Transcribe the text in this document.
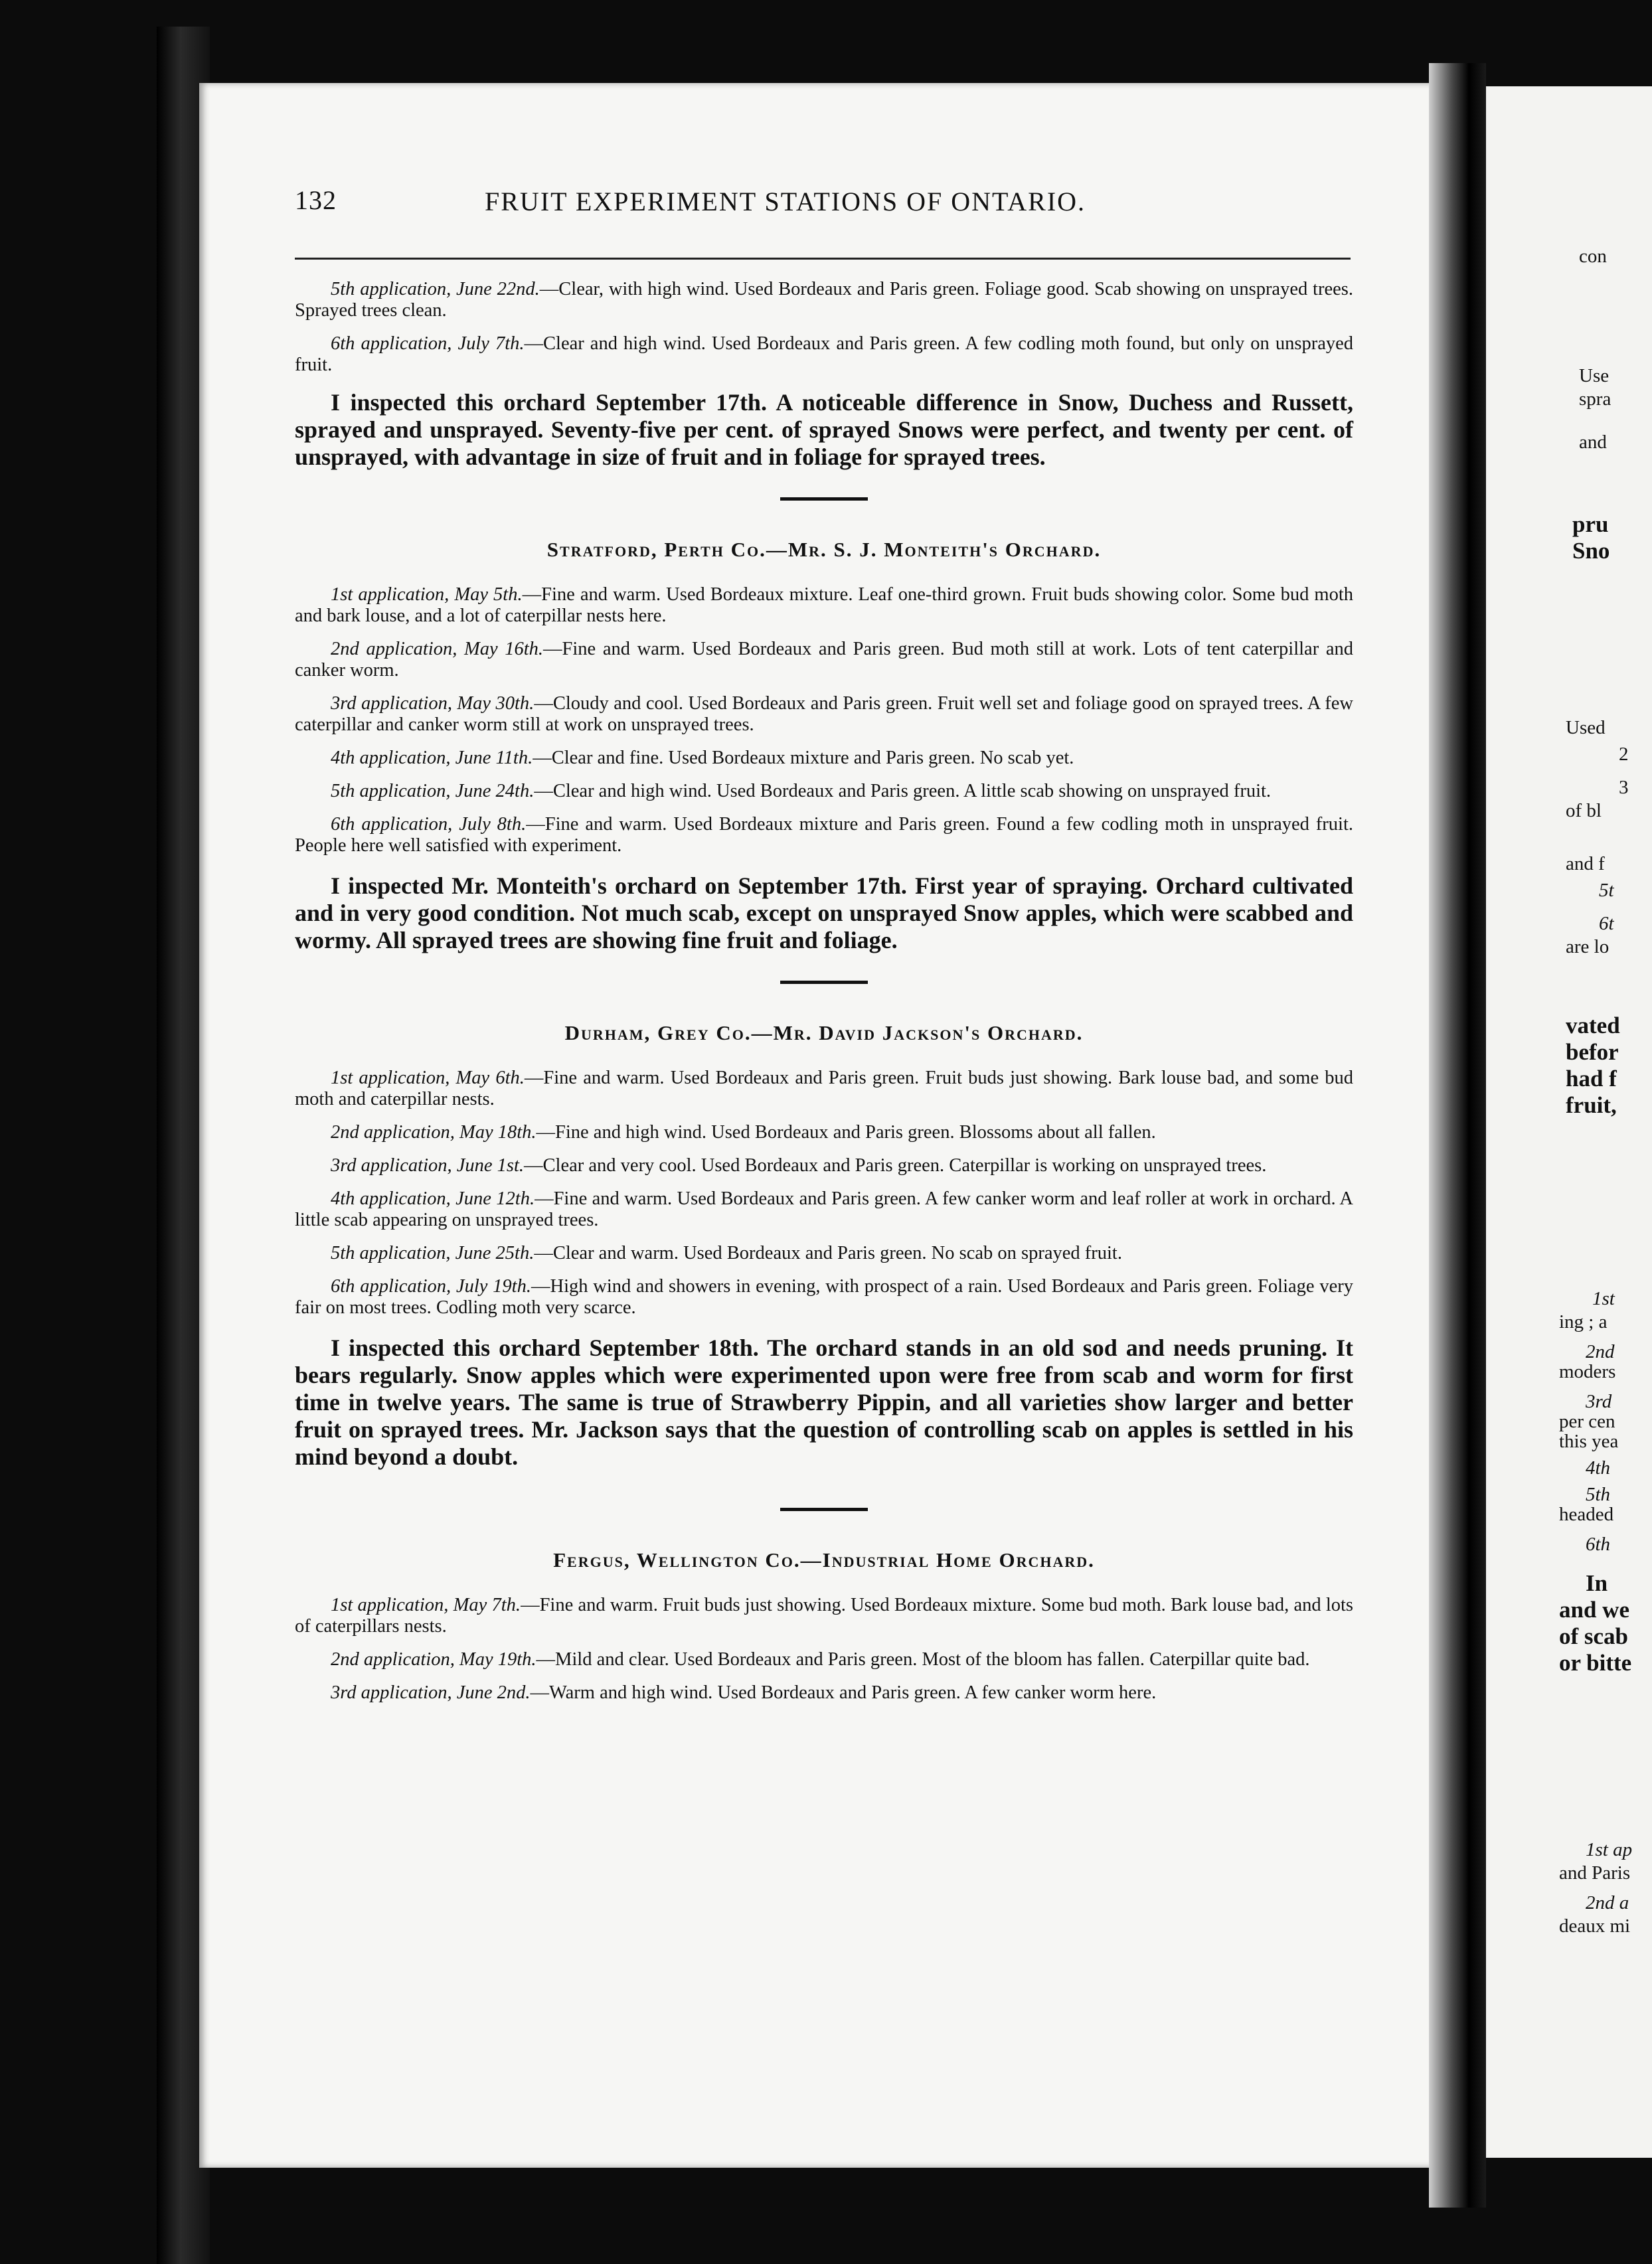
132	FRUIT EXPERIMENT STATIONS OF ONTARIO.

5th application, June 22nd.—Clear, with high wind. Used Bordeaux and Paris green. Foliage good. Scab showing on unsprayed trees. Sprayed trees clean.

6th application, July 7th.—Clear and high wind. Used Bordeaux and Paris green. A few codling moth found, but only on unsprayed fruit.

I inspected this orchard September 17th. A noticeable difference in Snow, Duchess and Russett, sprayed and unsprayed. Seventy-five per cent. of sprayed Snows were perfect, and twenty per cent. of unsprayed, with advantage in size of fruit and in foliage for sprayed trees.

Stratford, Perth Co.—Mr. S. J. Monteith's Orchard.

1st application, May 5th.—Fine and warm. Used Bordeaux mixture. Leaf one-third grown. Fruit buds showing color. Some bud moth and bark louse, and a lot of caterpillar nests here.

2nd application, May 16th.—Fine and warm. Used Bordeaux and Paris green. Bud moth still at work. Lots of tent caterpillar and canker worm.

3rd application, May 30th.—Cloudy and cool. Used Bordeaux and Paris green. Fruit well set and foliage good on sprayed trees. A few caterpillar and canker worm still at work on unsprayed trees.

4th application, June 11th.—Clear and fine. Used Bordeaux mixture and Paris green. No scab yet.

5th application, June 24th.—Clear and high wind. Used Bordeaux and Paris green. A little scab showing on unsprayed fruit.

6th application, July 8th.—Fine and warm. Used Bordeaux mixture and Paris green. Found a few codling moth in unsprayed fruit. People here well satisfied with experiment.

I inspected Mr. Monteith's orchard on September 17th. First year of spraying. Orchard cultivated and in very good condition. Not much scab, except on unsprayed Snow apples, which were scabbed and wormy. All sprayed trees are showing fine fruit and foliage.

Durham, Grey Co.—Mr. David Jackson's Orchard.

1st application, May 6th.—Fine and warm. Used Bordeaux and Paris green. Fruit buds just showing. Bark louse bad, and some bud moth and caterpillar nests.

2nd application, May 18th.—Fine and high wind. Used Bordeaux and Paris green. Blossoms about all fallen.

3rd application, June 1st.—Clear and very cool. Used Bordeaux and Paris green. Caterpillar is working on unsprayed trees.

4th application, June 12th.—Fine and warm. Used Bordeaux and Paris green. A few canker worm and leaf roller at work in orchard. A little scab appearing on unsprayed trees.

5th application, June 25th.—Clear and warm. Used Bordeaux and Paris green. No scab on sprayed fruit.

6th application, July 19th.—High wind and showers in evening, with prospect of a rain. Used Bordeaux and Paris green. Foliage very fair on most trees. Codling moth very scarce.

I inspected this orchard September 18th. The orchard stands in an old sod and needs pruning. It bears regularly. Snow apples which were experimented upon were free from scab and worm for first time in twelve years. The same is true of Strawberry Pippin, and all varieties show larger and better fruit on sprayed trees. Mr. Jackson says that the question of controlling scab on apples is settled in his mind beyond a doubt.

Fergus, Wellington Co.—Industrial Home Orchard.

1st application, May 7th.—Fine and warm. Fruit buds just showing. Used Bordeaux mixture. Some bud moth. Bark louse bad, and lots of caterpillars nests.

2nd application, May 19th.—Mild and clear. Used Bordeaux and Paris green. Most of the bloom has fallen. Caterpillar quite bad.

3rd application, June 2nd.—Warm and high wind. Used Bordeaux and Paris green. A few canker worm here.

con
Use
spra
and
pru
Sno
Used
2
3
of bl
and f
5t
6t
are lo
vated
befor
had f
fruit,
1st
ing ; a
2nd
moders
3rd
per cen
this yea
4th
5th
headed
6th
In
and we
of scab
or bitte
1st ap
and Paris
2nd a
deaux mi
